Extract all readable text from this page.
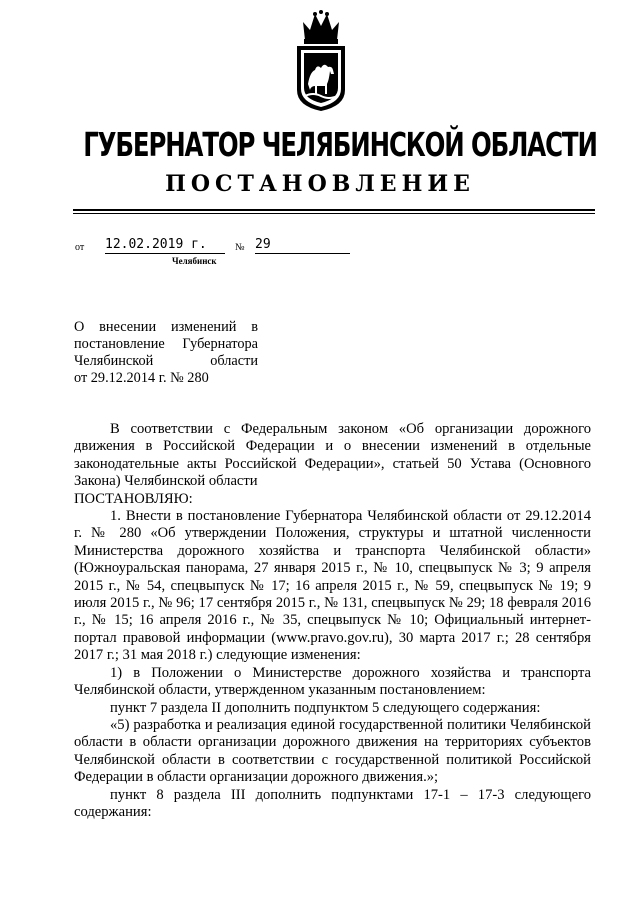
ГУБЕРНАТОР ЧЕЛЯБИНСКОЙ ОБЛАСТИ
ПОСТАНОВЛЕНИЕ
от 12.02.2019 г.	№ 29
Челябинск
О внесении изменений в
постановление Губернатора
Челябинской области
от 29.12.2014 г. № 280

В соответствии с Федеральным законом «Об организации дорожного движения в Российской Федерации и о внесении изменений в отдельные законодательные акты Российской Федерации», статьей 50 Устава (Основного Закона) Челябинской области

ПОСТАНОВЛЯЮ:

1. Внести в постановление Губернатора Челябинской области от 29.12.2014 г. № 280 «Об утверждении Положения, структуры и штатной численности Министерства дорожного хозяйства и транспорта Челябинской области» (Южноуральская панорама, 27 января 2015 г., № 10, спецвыпуск № 3; 9 апреля 2015 г., № 54, спецвыпуск № 17; 16 апреля 2015 г., № 59, спецвыпуск № 19; 9 июля 2015 г., № 96; 17 сентября 2015 г., № 131, спецвыпуск № 29; 18 февраля 2016 г., № 15; 16 апреля 2016 г., № 35, спецвыпуск № 10; Официальный интернет-портал правовой информации (www.pravo.gov.ru), 30 марта 2017 г.; 28 сентября 2017 г.; 31 мая 2018 г.) следующие изменения:

1) в Положении о Министерстве дорожного хозяйства и транспорта Челябинской области, утвержденном указанным постановлением:

пункт 7 раздела II дополнить подпунктом 5 следующего содержания:

«5) разработка и реализация единой государственной политики Челябинской области в области организации дорожного движения на территориях субъектов Челябинской области в соответствии с государственной политикой Российской Федерации в области организации дорожного движения.»;

пункт 8 раздела III дополнить подпунктами 17-1 – 17-3 следующего содержания:
